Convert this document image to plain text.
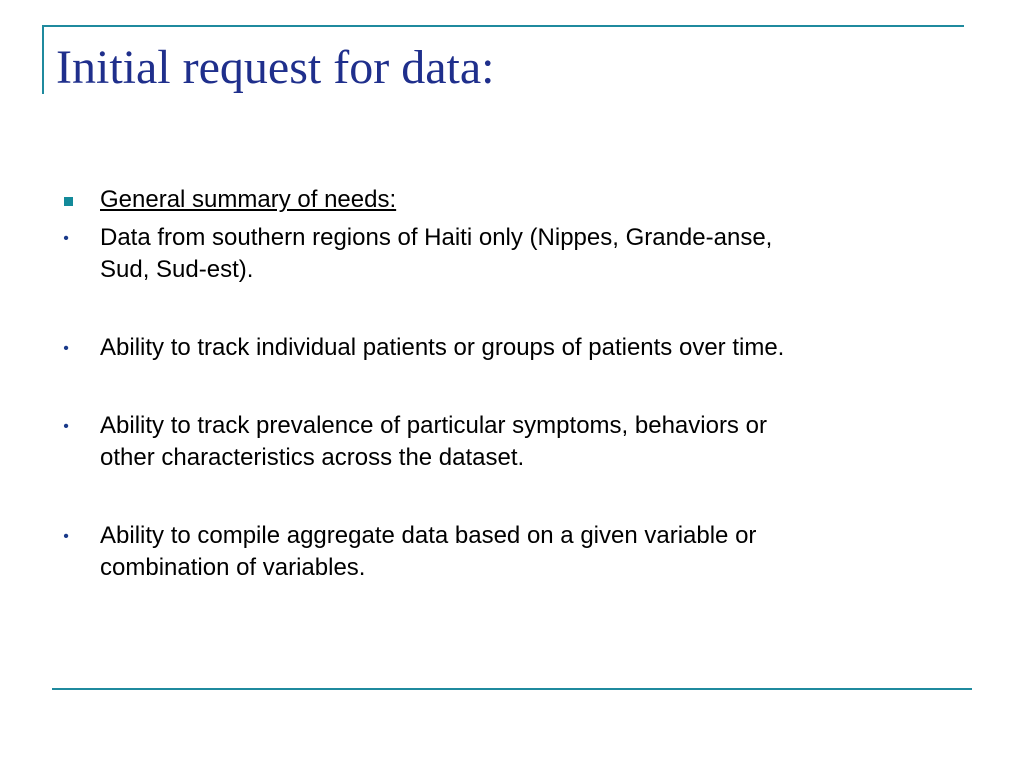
Initial request for data:
General summary of needs:
• Data from southern regions of Haiti only (Nippes, Grande-anse,
Sud, Sud-est).
• Ability to track individual patients or groups of patients over time.
• Ability to track prevalence of particular symptoms, behaviors or
other characteristics across the dataset.
• Ability to compile aggregate data based on a given variable or
combination of variables.
